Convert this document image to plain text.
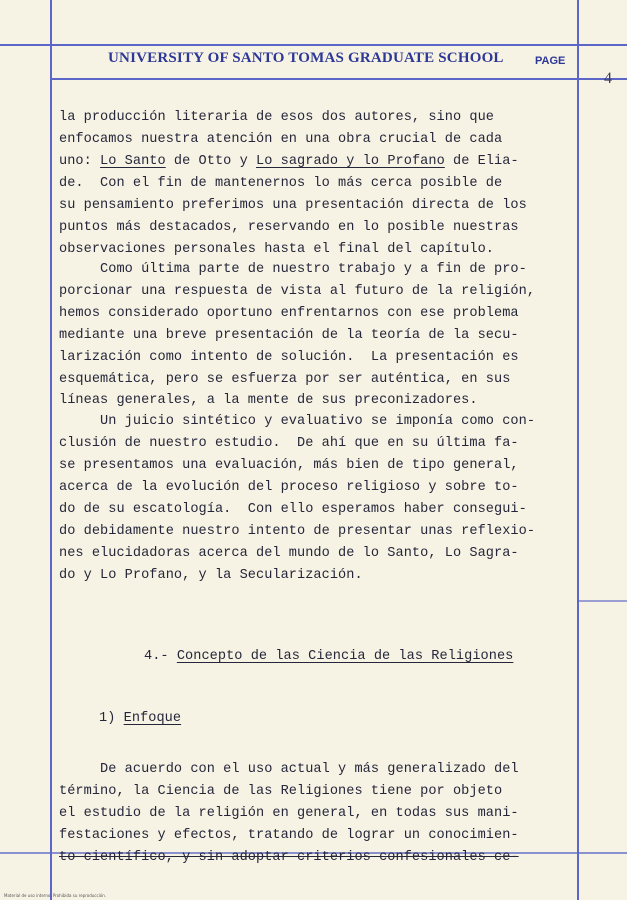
UNIVERSITY OF SANTO TOMAS GRADUATE SCHOOL	PAGE
4
la producción literaria de esos dos autores, sino que
enfocamos nuestra atención en una obra crucial de cada
uno: Lo Santo de Otto y Lo sagrado y lo Profano de Elia-
de.  Con el fin de mantenernos lo más cerca posible de
su pensamiento preferimos una presentación directa de los
puntos más destacados, reservando en lo posible nuestras
observaciones personales hasta el final del capítulo.
Como última parte de nuestro trabajo y a fin de pro-
porcionar una respuesta de vista al futuro de la religión,
hemos considerado oportuno enfrentarnos con ese problema
mediante una breve presentación de la teoría de la secu-
larización como intento de solución.  La presentación es
esquemática, pero se esfuerza por ser auténtica, en sus
líneas generales, a la mente de sus preconizadores.
Un juicio sintético y evaluativo se imponía como con-
clusión de nuestro estudio.  De ahí que en su última fa-
se presentamos una evaluación, más bien de tipo general,
acerca de la evolución del proceso religioso y sobre to-
do de su escatología.  Con ello esperamos haber consegui-
do debidamente nuestro intento de presentar unas reflexio-
nes elucidadoras acerca del mundo de lo Santo, Lo Sagra-
do y Lo Profano, y la Secularización.
4.- Concepto de las Ciencia de las Religiones
1) Enfoque
De acuerdo con el uso actual y más generalizado del
término, la Ciencia de las Religiones tiene por objeto
el estudio de la religión en general, en todas sus mani-
festaciones y efectos, tratando de lograr un conocimien-
to científico, y sin adoptar criterios confesionales ce-
Material de uso interno. Prohibida su reproducción.
